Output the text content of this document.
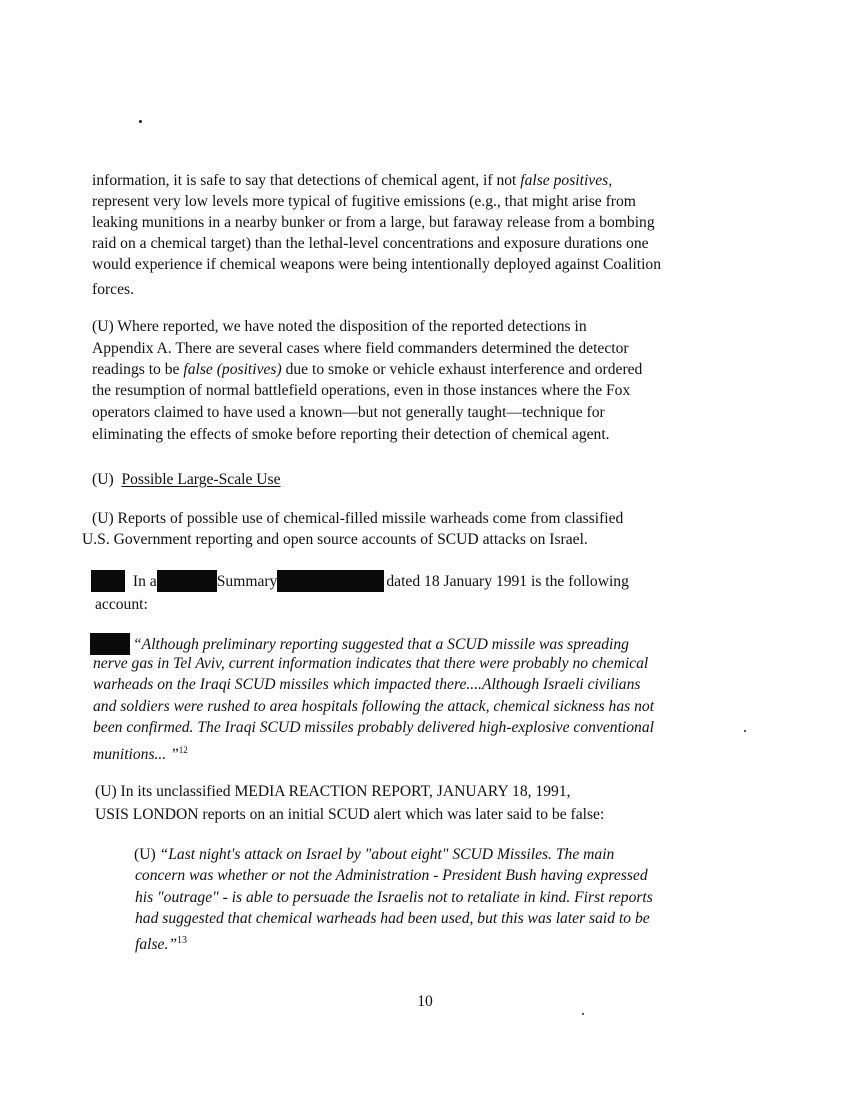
information, it is safe to say that detections of chemical agent, if not false positives,
represent very low levels more typical of fugitive emissions (e.g., that might arise from
leaking munitions in a nearby bunker or from a large, but faraway release from a bombing
raid on a chemical target) than the lethal-level concentrations and exposure durations one
would experience if chemical weapons were being intentionally deployed against Coalition
forces.
(U) Where reported, we have noted the disposition of the reported detections in
Appendix A. There are several cases where field commanders determined the detector
readings to be false (positives) due to smoke or vehicle exhaust interference and ordered
the resumption of normal battlefield operations, even in those instances where the Fox
operators claimed to have used a known—but not generally taught—technique for
eliminating the effects of smoke before reporting their detection of chemical agent.
(U) Possible Large-Scale Use
(U) Reports of possible use of chemical-filled missile warheads come from classified
U.S. Government reporting and open source accounts of SCUD attacks on Israel.
In a	Summary	dated 18 January 1991 is the following
account:
“Although preliminary reporting suggested that a SCUD missile was spreading
nerve gas in Tel Aviv, current information indicates that there were probably no chemical
warheads on the Iraqi SCUD missiles which impacted there....Although Israeli civilians
and soldiers were rushed to area hospitals following the attack, chemical sickness has not
been confirmed. The Iraqi SCUD missiles probably delivered high-explosive conventional
munitions... ”$^{12}$
(U) In its unclassified MEDIA REACTION REPORT, JANUARY 18, 1991,
USIS LONDON reports on an initial SCUD alert which was later said to be false:
(U) “Last night's attack on Israel by "about eight" SCUD Missiles. The main
concern was whether or not the Administration - President Bush having expressed
his "outrage" - is able to persuade the Israelis not to retaliate in kind. First reports
had suggested that chemical warheads had been used, but this was later said to be
false.”$^{13}$
10
